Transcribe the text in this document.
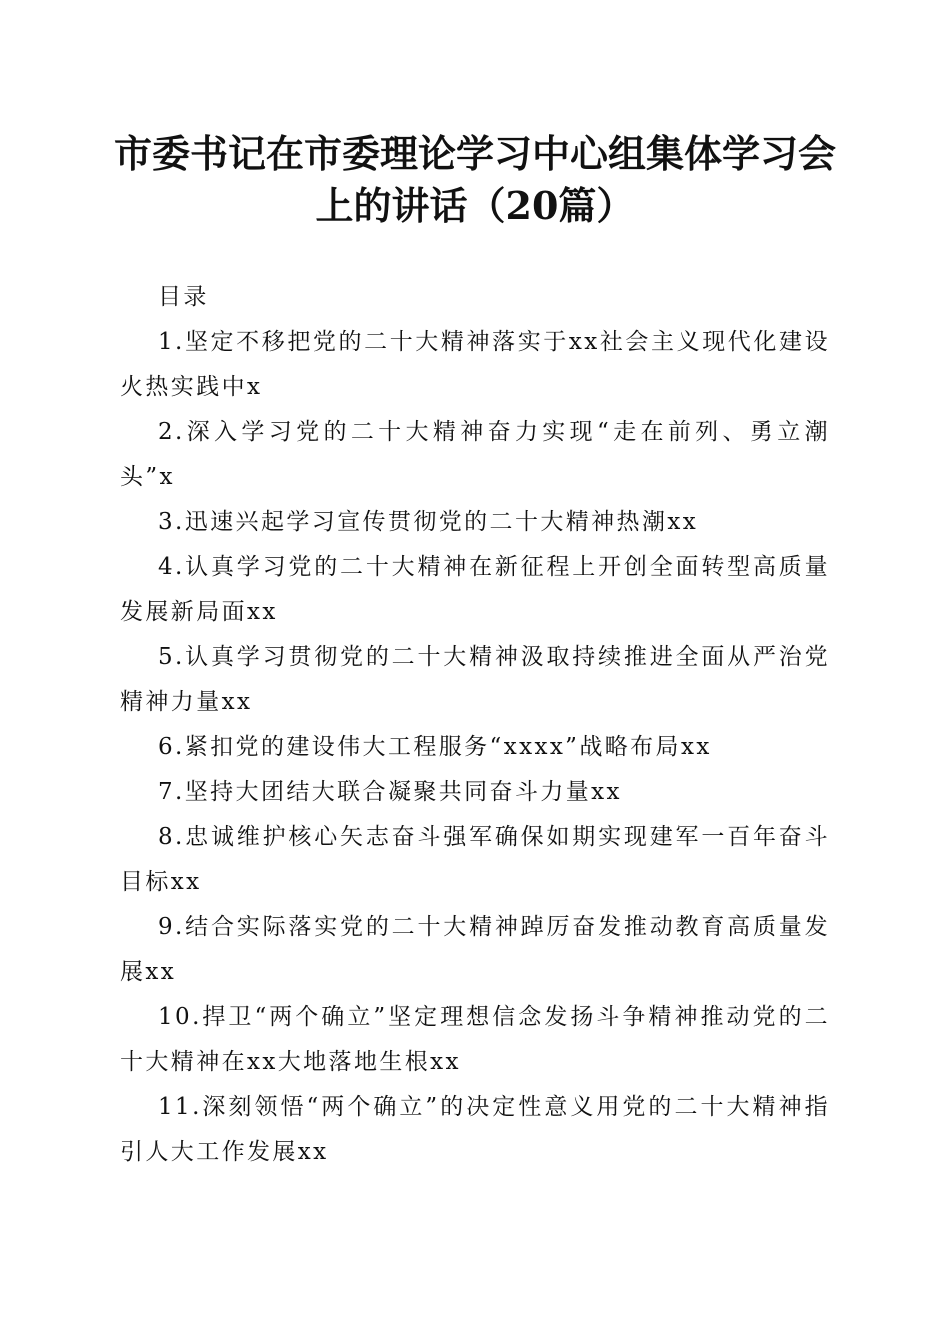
市委书记在市委理论学习中心组集体学习会上的讲话（20篇）

目录

1.坚定不移把党的二十大精神落实于xx社会主义现代化建设火热实践中x

2.深入学习党的二十大精神奋力实现“走在前列、勇立潮头”x

3.迅速兴起学习宣传贯彻党的二十大精神热潮xx

4.认真学习党的二十大精神在新征程上开创全面转型高质量发展新局面xx

5.认真学习贯彻党的二十大精神汲取持续推进全面从严治党精神力量xx

6.紧扣党的建设伟大工程服务“xxxx”战略布局xx

7.坚持大团结大联合凝聚共同奋斗力量xx

8.忠诚维护核心矢志奋斗强军确保如期实现建军一百年奋斗目标xx

9.结合实际落实党的二十大精神踔厉奋发推动教育高质量发展xx

10.捍卫“两个确立”坚定理想信念发扬斗争精神推动党的二十大精神在xx大地落地生根xx

11.深刻领悟“两个确立”的决定性意义用党的二十大精神指引人大工作发展xx
